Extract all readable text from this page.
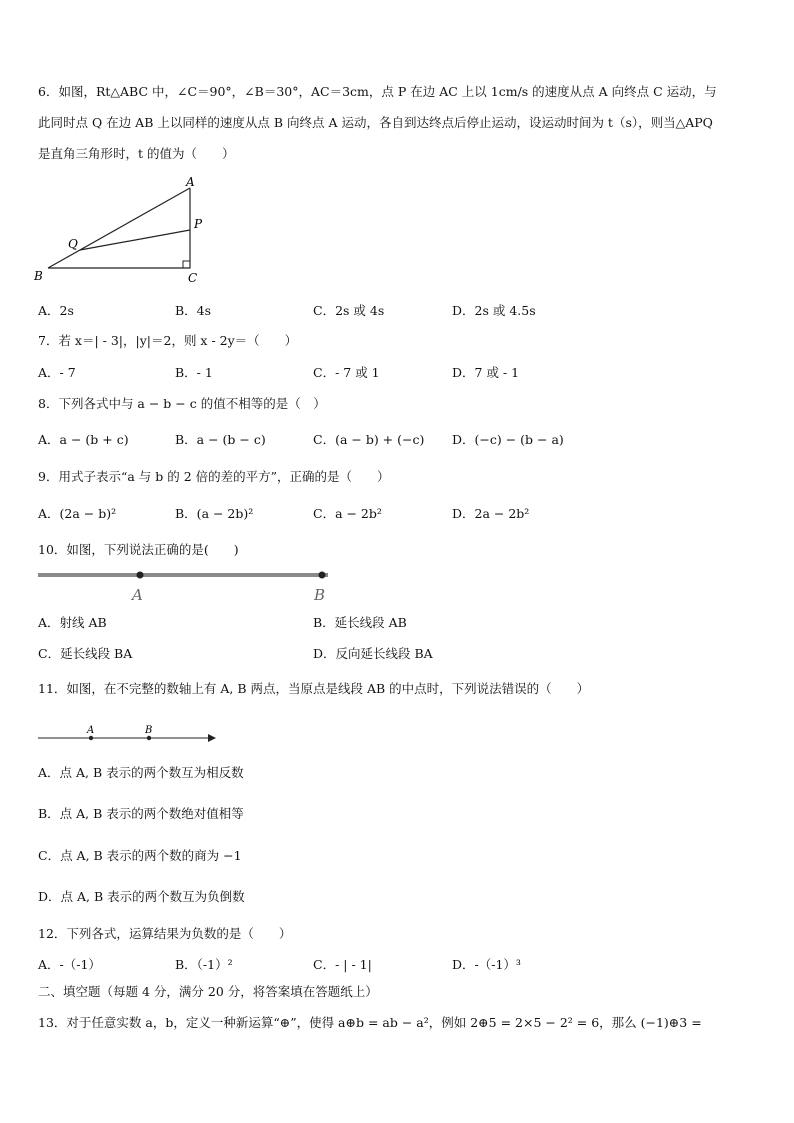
6．如图，Rt△ABC 中，∠C＝90°，∠B＝30°，AC＝3cm，点 P 在边 AC 上以 1cm/s 的速度从点 A 向终点 C 运动，与
此同时点 Q 在边 AB 上以同样的速度从点 B 向终点 A 运动，各自到达终点后停止运动，设运动时间为 t（s），则当△APQ
是直角三角形时，t 的值为（　　）
A
B	C
P
Q
A．2s	B．4s	C．2s 或 4s	D．2s 或 4.5s
7．若 x＝| - 3|，|y|＝2，则 x - 2y＝（　　）
A．- 7	B．- 1	C．- 7 或 1	D．7 或 - 1
8．下列各式中与 a − b − c 的值不相等的是（　）
A．a − (b + c)	B．a − (b − c)	C．(a − b) + (−c) D．(−c) − (b − a)
9．用式子表示“a 与 b 的 2 倍的差的平方”，正确的是（　　）
A．(2a − b)²	B．(a − 2b)²	C．a − 2b²	D．2a − 2b²
10．如图，下列说法正确的是(　　)
A	B
A．射线 AB	B．延长线段 AB
C．延长线段 BA	D．反向延长线段 BA
11．如图，在不完整的数轴上有 A, B 两点，当原点是线段 AB 的中点时，下列说法错误的（　　）
A	B
A．点 A, B 表示的两个数互为相反数
B．点 A, B 表示的两个数绝对值相等
C．点 A, B 表示的两个数的商为 −1
D．点 A, B 表示的两个数互为负倒数
12．下列各式，运算结果为负数的是（　　）
A．-（-1）	B．（-1）²	C．- | - 1|	D．-（-1）³
二、填空题（每题 4 分，满分 20 分，将答案填在答题纸上）
13．对于任意实数 a，b，定义一种新运算“⊕”，使得 a⊕b = ab − a²，例如 2⊕5 = 2×5 − 2² = 6，那么 (−1)⊕3 =
